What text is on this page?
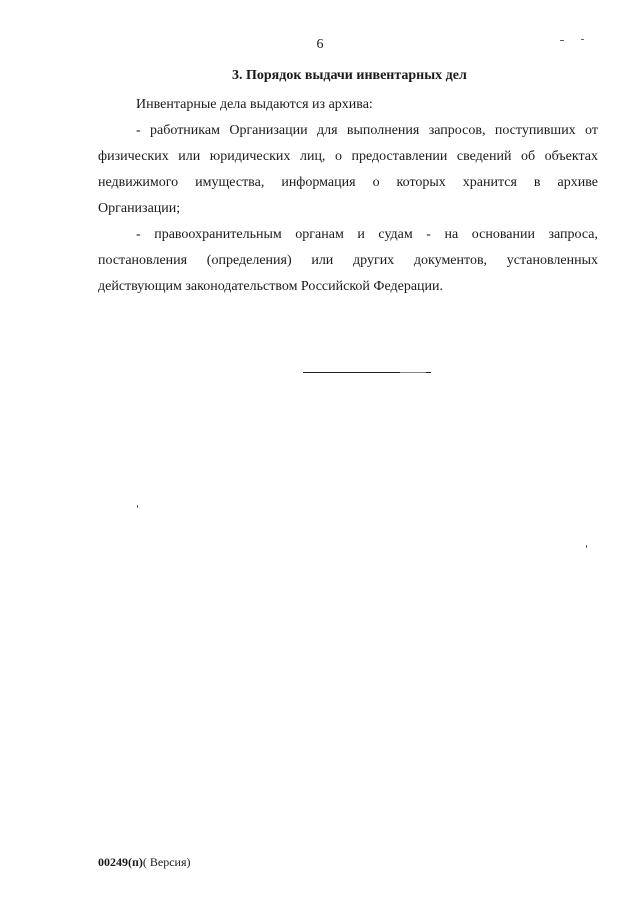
6
3. Порядок выдачи инвентарных дел
Инвентарные дела выдаются из архива:
- работникам Организации для выполнения запросов, поступивших от
физических или юридических лиц, о предоставлении сведений об объектах
недвижимого имущества, информация о которых хранится в архиве
Организации;
- правоохранительным органам и судам - на основании запроса,
постановления (определения) или других документов, установленных
действующим законодательством Российской Федерации.
00249(п)( Версия)
